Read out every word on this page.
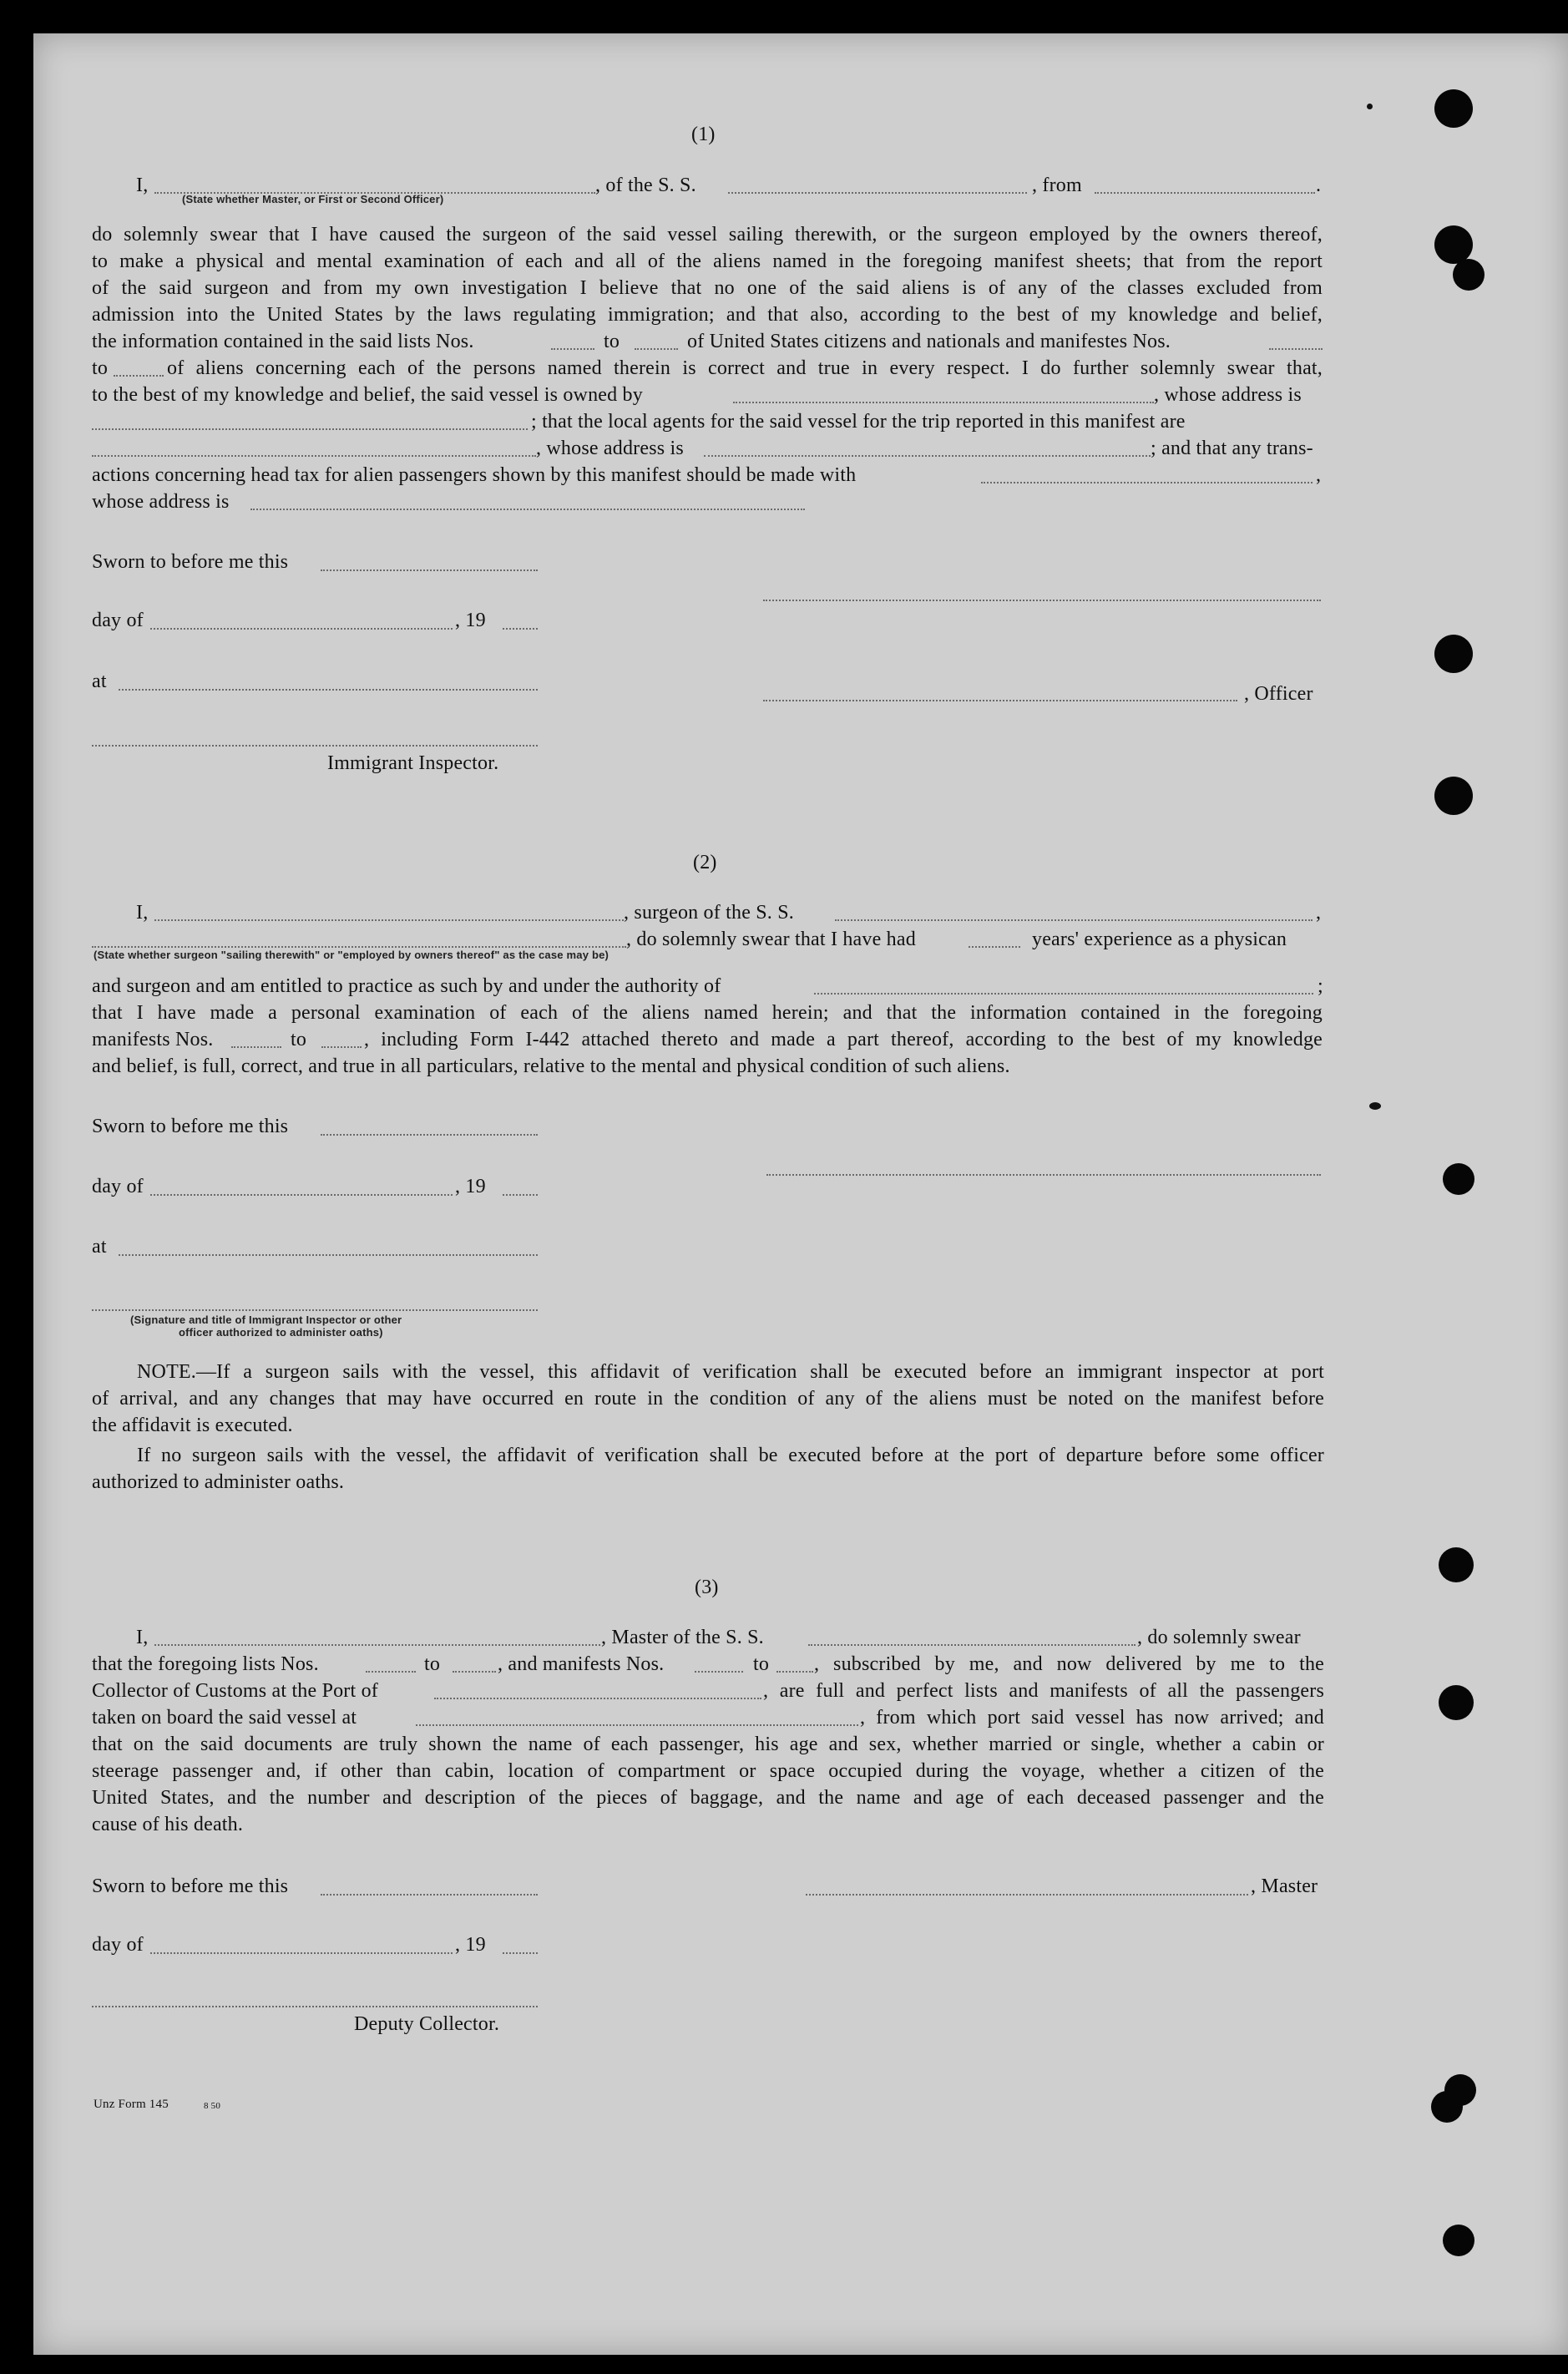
(1)
I,	, of the S. S.	, from	.
(State whether Master, or First or Second Officer)
do solemnly swear that I have caused the surgeon of the said vessel sailing therewith, or the surgeon employed by the owners thereof,
to make a physical and mental examination of each and all of the aliens named in the foregoing manifest sheets; that from the report
of the said surgeon and from my own investigation I believe that no one of the said aliens is of any of the classes excluded from
admission into the United States by the laws regulating immigration; and that also, according to the best of my knowledge and belief,
the information contained in the said lists Nos.	to	of United States citizens and nationals and manifestes Nos.
to	of aliens concerning each of the persons named therein is correct and true in every respect. I do further solemnly swear that,
to the best of my knowledge and belief, the said vessel is owned by	, whose address is
; that the local agents for the said vessel for the trip reported in this manifest are
, whose address is	; and that any trans-
actions concerning head tax for alien passengers shown by this manifest should be made with	,
whose address is
Sworn to before me this
day of	, 19
at
, Officer
Immigrant Inspector.
(2)
I,	, surgeon of the S. S.	,
, do solemnly swear that I have had	years' experience as a physican
(State whether surgeon "sailing therewith" or "employed by owners thereof" as the case may be)
and surgeon and am entitled to practice as such by and under the authority of	;
that I have made a personal examination of each of the aliens named herein; and that the information contained in the foregoing
manifests Nos.	to	, including Form I-442 attached thereto and made a part thereof, according to the best of my knowledge
and belief, is full, correct, and true in all particulars, relative to the mental and physical condition of such aliens.
Sworn to before me this
day of	, 19
at
(Signature and title of Immigrant Inspector or other
officer authorized to administer oaths)
NOTE.—If a surgeon sails with the vessel, this affidavit of verification shall be executed before an immigrant inspector at port
of arrival, and any changes that may have occurred en route in the condition of any of the aliens must be noted on the manifest before
the affidavit is executed.
If no surgeon sails with the vessel, the affidavit of verification shall be executed before at the port of departure before some officer
authorized to administer oaths.
(3)
I,	, Master of the S. S.	, do solemnly swear
that the foregoing lists Nos.	to	, and manifests Nos.	to , subscribed by me, and now delivered by me to the
Collector of Customs at the Port of	, are full and perfect lists and manifests of all the passengers
taken on board the said vessel at	, from which port said vessel has now arrived; and
that on the said documents are truly shown the name of each passenger, his age and sex, whether married or single, whether a cabin or
steerage passenger and, if other than cabin, location of compartment or space occupied during the voyage, whether a citizen of the
United States, and the number and description of the pieces of baggage, and the name and age of each deceased passenger and the
cause of his death.
Sworn to before me this	, Master
day of	, 19
Deputy Collector.
Unz Form 145	8 50
